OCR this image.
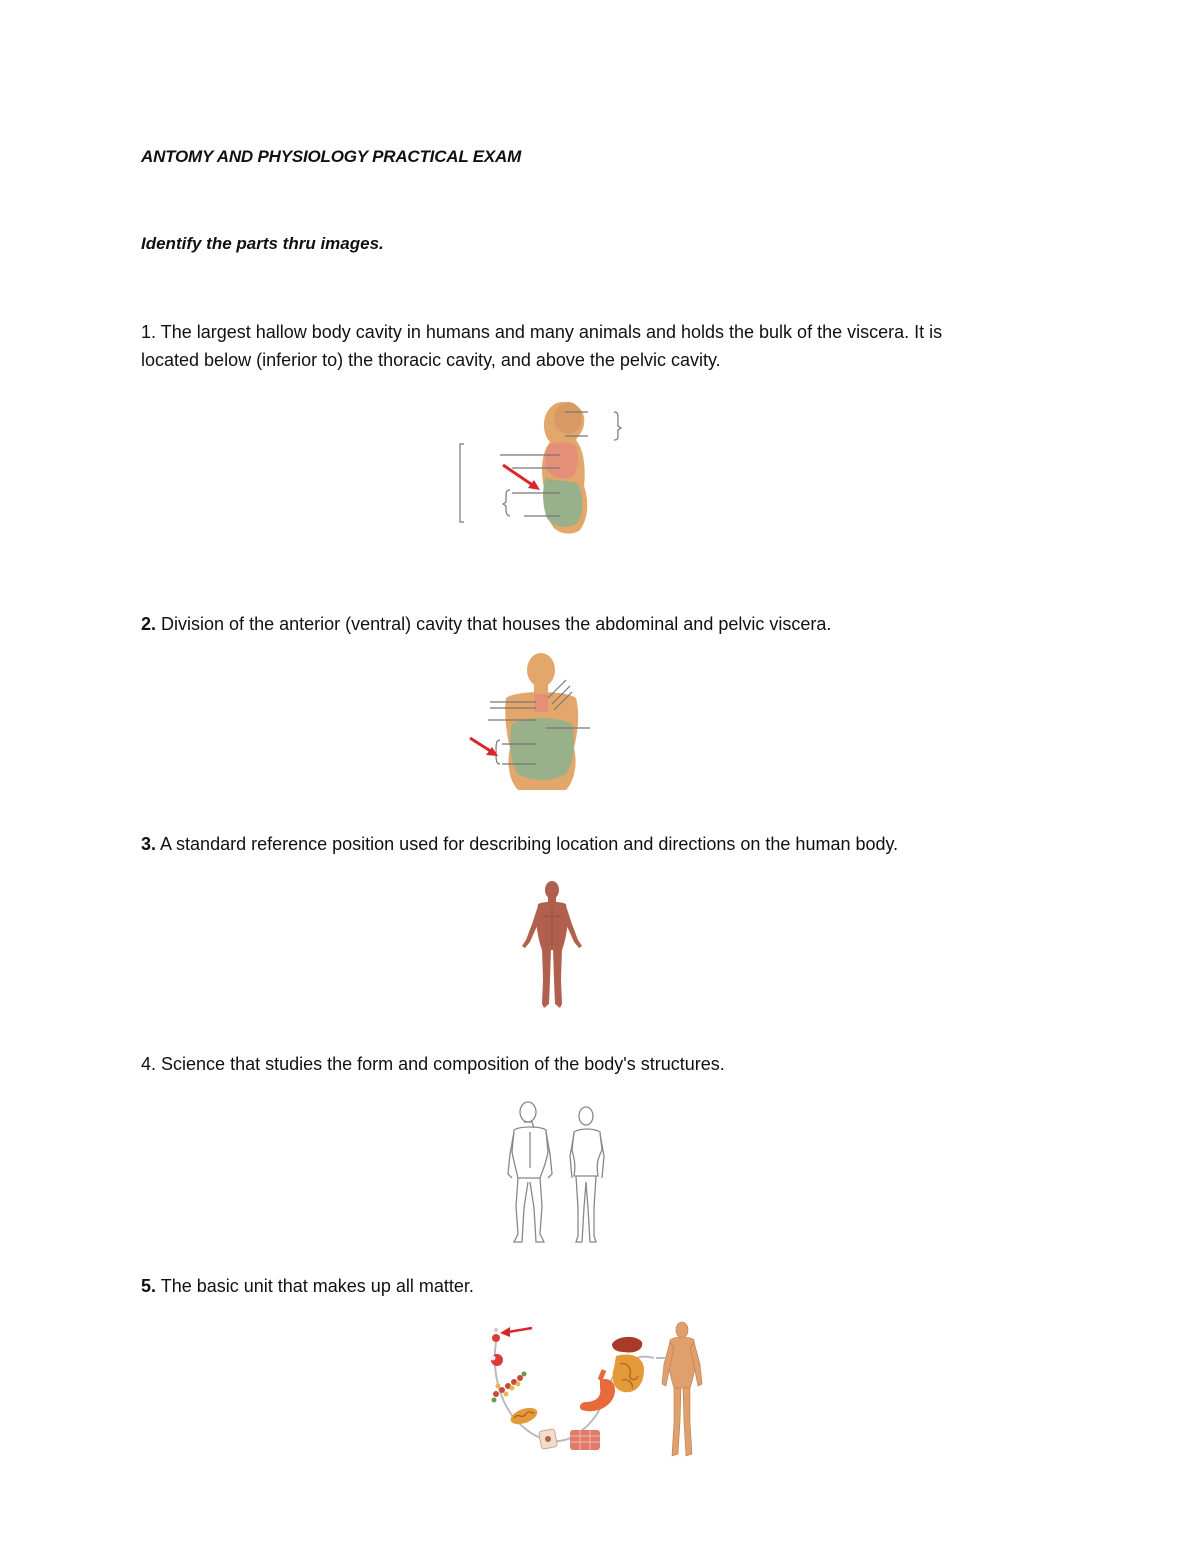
ANTOMY AND PHYSIOLOGY PRACTICAL EXAM
Identify the parts thru images.
1. The largest hallow body cavity in humans and many animals and holds the bulk of the viscera. It is
located below (inferior to) the thoracic cavity, and above the pelvic cavity.
2. Division of the anterior (ventral) cavity that houses the abdominal and pelvic viscera.
3. A standard reference position used for describing location and directions on the human body.
4. Science that studies the form and composition of the body's structures.
5. The basic unit that makes up all matter.
